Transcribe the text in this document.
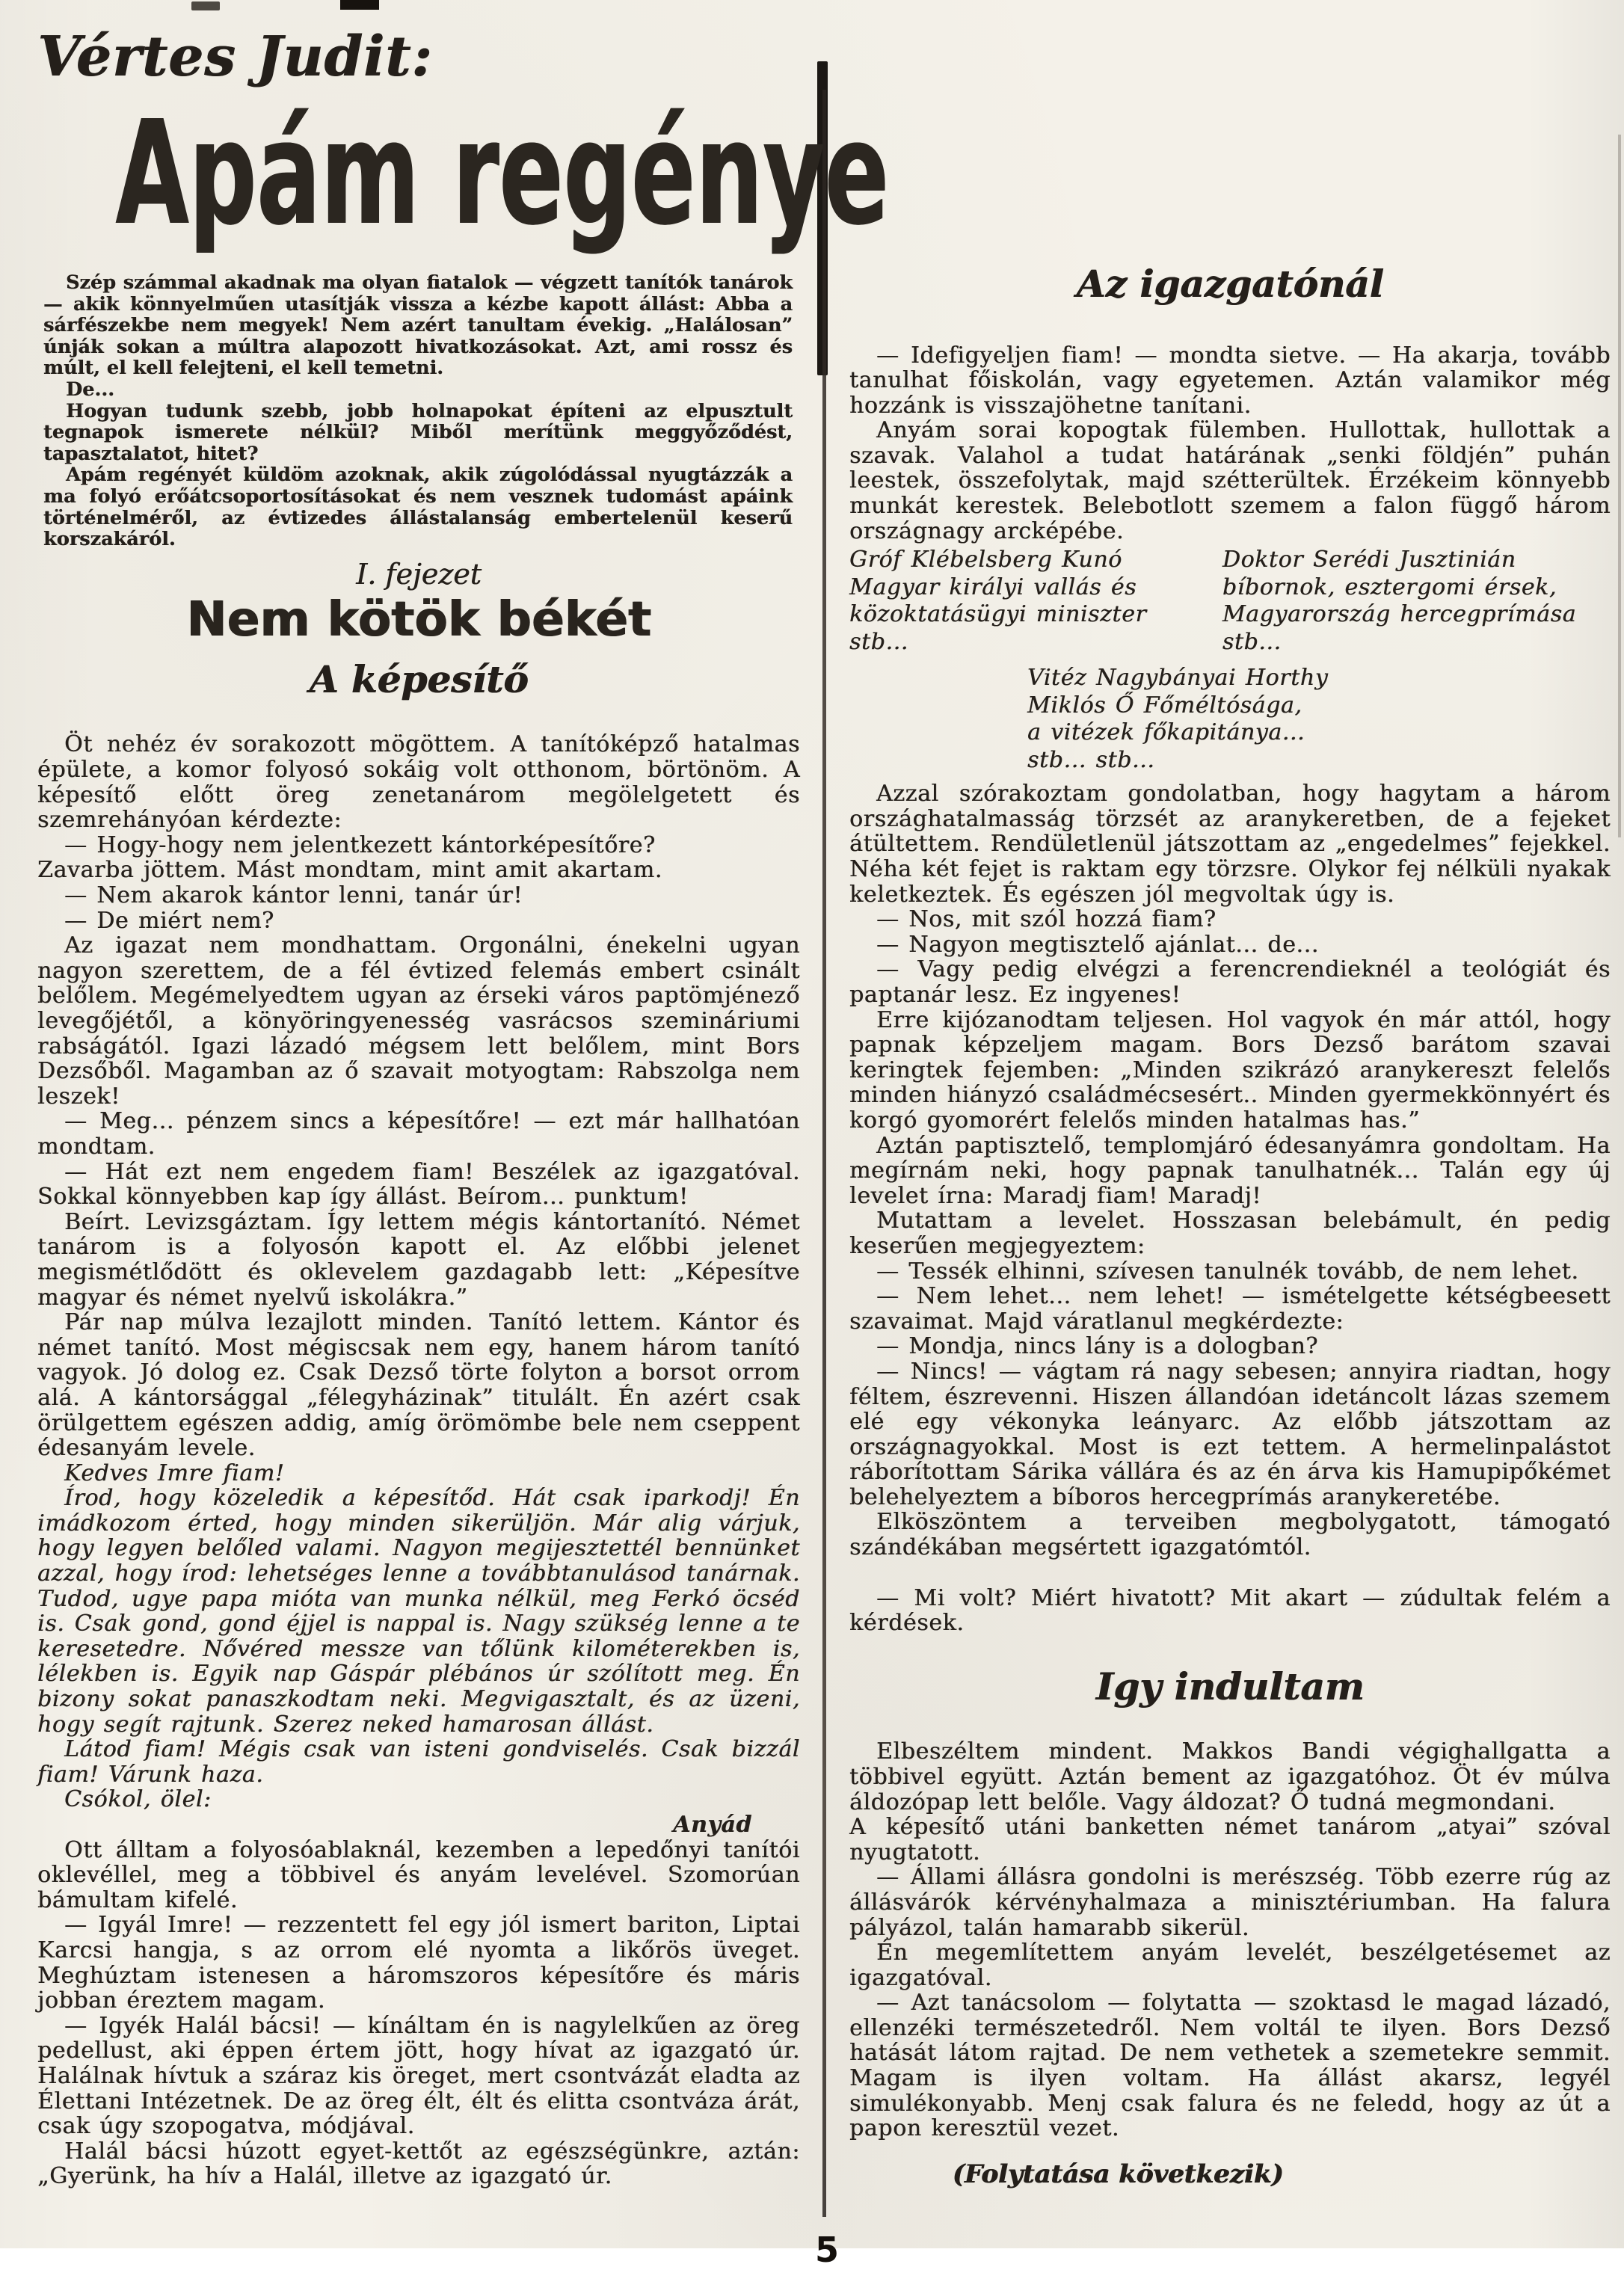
Vértes Judit:
Apám regénye

Szép számmal akadnak ma olyan fiatalok — végzett tanítók tanárok — akik könnyelműen utasítják vissza a kézbe kapott állást: Abba a sárfészekbe nem megyek! Nem azért tanultam évekig. „Halálosan” únják sokan a múltra alapozott hivatkozásokat. Azt, ami rossz és múlt, el kell felejteni, el kell temetni.

De...

Hogyan tudunk szebb, jobb holnapokat építeni az elpusztult tegnapok ismerete nélkül? Miből merítünk meggyőződést, tapasztalatot, hitet?

Apám regényét küldöm azoknak, akik zúgolódással nyugtázzák a ma folyó erőátcsoportosításokat és nem vesznek tudomást apáink történelméről, az évtizedes állástalanság embertelenül keserű korszakáról.

I. fejezet
Nem kötök békét
A képesítő

Öt nehéz év sorakozott mögöttem. A tanítóképző hatalmas épülete, a komor folyosó sokáig volt otthonom, börtönöm. A képesítő előtt öreg zenetanárom megölelgetett és szemrehányóan kérdezte:

— Hogy-hogy nem jelentkezett kántorképesítőre?

Zavarba jöttem. Mást mondtam, mint amit akartam.

— Nem akarok kántor lenni, tanár úr!

— De miért nem?

Az igazat nem mondhattam. Orgonálni, énekelni ugyan nagyon szerettem, de a fél évtized felemás embert csinált belőlem. Megémelyedtem ugyan az érseki város paptömjénező levegőjétől, a könyöringyenesség vasrácsos szemináriumi rabságától. Igazi lázadó mégsem lett belőlem, mint Bors Dezsőből. Magamban az ő szavait motyogtam: Rabszolga nem leszek!

— Meg... pénzem sincs a képesítőre! — ezt már hallhatóan mondtam.

— Hát ezt nem engedem fiam! Beszélek az igazgatóval. Sokkal könnyebben kap így állást. Beírom... punktum!

Beírt. Levizsgáztam. Így lettem mégis kántortanító. Német tanárom is a folyosón kapott el. Az előbbi jelenet megismétlődött és oklevelem gazdagabb lett: „Képesítve magyar és német nyelvű iskolákra.”

Pár nap múlva lezajlott minden. Tanító lettem. Kántor és német tanító. Most mégiscsak nem egy, hanem három tanító vagyok. Jó dolog ez. Csak Dezső törte folyton a borsot orrom alá. A kántorsággal „félegyházinak” titulált. Én azért csak örülgettem egészen addig, amíg örömömbe bele nem cseppent édesanyám levele.

Kedves Imre fiam!

Írod, hogy közeledik a képesítőd. Hát csak iparkodj! Én imádkozom érted, hogy minden sikerüljön. Már alig várjuk, hogy legyen belőled valami. Nagyon megijesztettél bennünket azzal, hogy írod: lehetséges lenne a továbbtanulásod tanárnak. Tudod, ugye papa mióta van munka nélkül, meg Ferkó öcséd is. Csak gond, gond éjjel is nappal is. Nagy szükség lenne a te keresetedre. Nővéred messze van tőlünk kilométerekben is, lélekben is. Egyik nap Gáspár plébános úr szólított meg. Én bizony sokat panaszkodtam neki. Megvigasztalt, és az üzeni, hogy segít rajtunk. Szerez neked hamarosan állást.

Látod fiam! Mégis csak van isteni gondviselés. Csak bizzál fiam! Várunk haza.

Csókol, ölel:

Anyád

Ott álltam a folyosóablaknál, kezemben a lepedőnyi tanítói oklevéllel, meg a többivel és anyám levelével. Szomorúan bámultam kifelé.

— Igyál Imre! — rezzentett fel egy jól ismert bariton, Liptai Karcsi hangja, s az orrom elé nyomta a likőrös üveget. Meghúztam istenesen a háromszoros képesítőre és máris jobban éreztem magam.

— Igyék Halál bácsi! — kínáltam én is nagylelkűen az öreg pedellust, aki éppen értem jött, hogy hívat az igazgató úr. Halálnak hívtuk a száraz kis öreget, mert csontvázát eladta az Élettani Intézetnek. De az öreg élt, élt és elitta csontváza árát, csak úgy szopogatva, módjával.

Halál bácsi húzott egyet-kettőt az egészségünkre, aztán: „Gyerünk, ha hív a Halál, illetve az igazgató úr.

Az igazgatónál

— Idefigyeljen fiam! — mondta sietve. — Ha akarja, tovább tanulhat főiskolán, vagy egyetemen. Aztán valamikor még hozzánk is visszajöhetne tanítani.

Anyám sorai kopogtak fülemben. Hullottak, hullottak a szavak. Valahol a tudat határának „senki földjén” puhán leestek, összefolytak, majd szétterültek. Érzékeim könnyebb munkát kerestek. Belebotlott szemem a falon függő három országnagy arcképébe.

Gróf Klébelsberg Kunó

Magyar királyi vallás és

közoktatásügyi miniszter

stb...

Doktor Serédi Jusztinián

bíbornok, esztergomi érsek,

Magyarország hercegprímása

stb...

Vitéz Nagybányai Horthy

Miklós Ő Főméltósága,

a vitézek főkapitánya...

stb... stb...

Azzal szórakoztam gondolatban, hogy hagytam a három országhatalmasság törzsét az aranykeretben, de a fejeket átültettem. Rendületlenül játszottam az „engedelmes” fejekkel. Néha két fejet is raktam egy törzsre. Olykor fej nélküli nyakak keletkeztek. És egészen jól megvoltak úgy is.

— Nos, mit szól hozzá fiam?

— Nagyon megtisztelő ajánlat... de...

— Vagy pedig elvégzi a ferencrendieknél a teológiát és paptanár lesz. Ez ingyenes!

Erre kijózanodtam teljesen. Hol vagyok én már attól, hogy papnak képzeljem magam. Bors Dezső barátom szavai keringtek fejemben: „Minden szikrázó aranykereszt felelős minden hiányzó családmécsesért.. Minden gyermekkönnyért és korgó gyomorért felelős minden hatalmas has.”

Aztán paptisztelő, templomjáró édesanyámra gondoltam. Ha megírnám neki, hogy papnak tanulhatnék... Talán egy új levelet írna: Maradj fiam! Maradj!

Mutattam a levelet. Hosszasan belebámult, én pedig keserűen megjegyeztem:

— Tessék elhinni, szívesen tanulnék tovább, de nem lehet.

— Nem lehet... nem lehet! — ismételgette kétségbeesett szavaimat. Majd váratlanul megkérdezte:

— Mondja, nincs lány is a dologban?

— Nincs! — vágtam rá nagy sebesen; annyira riadtan, hogy féltem, észrevenni. Hiszen állandóan idetáncolt lázas szemem elé egy vékonyka leányarc. Az előbb játszottam az országnagyokkal. Most is ezt tettem. A hermelinpalástot ráborítottam Sárika vállára és az én árva kis Hamupipőkémet belehelyeztem a bíboros hercegprímás aranykeretébe.

Elköszöntem a terveiben megbolygatott, támogató szándékában megsértett igazgatómtól.

— Mi volt? Miért hivatott? Mit akart — zúdultak felém a kérdések.

Igy indultam

Elbeszéltem mindent. Makkos Bandi végighallgatta a többivel együtt. Aztán bement az igazgatóhoz. Öt év múlva áldozópap lett belőle. Vagy áldozat? Ő tudná megmondani.

A képesítő utáni banketten német tanárom „atyai” szóval nyugtatott.

— Állami állásra gondolni is merészség. Több ezerre rúg az állásvárók kérvényhalmaza a minisztériumban. Ha falura pályázol, talán hamarabb sikerül.

Én megemlítettem anyám levelét, beszélgetésemet az igazgatóval.

— Azt tanácsolom — folytatta — szoktasd le magad lázadó, ellenzéki természetedről. Nem voltál te ilyen. Bors Dezső hatását látom rajtad. De nem vethetek a szemetekre semmit. Magam is ilyen voltam. Ha állást akarsz, legyél simulékonyabb. Menj csak falura és ne feledd, hogy az út a papon keresztül vezet.

(Folytatása következik)
5
